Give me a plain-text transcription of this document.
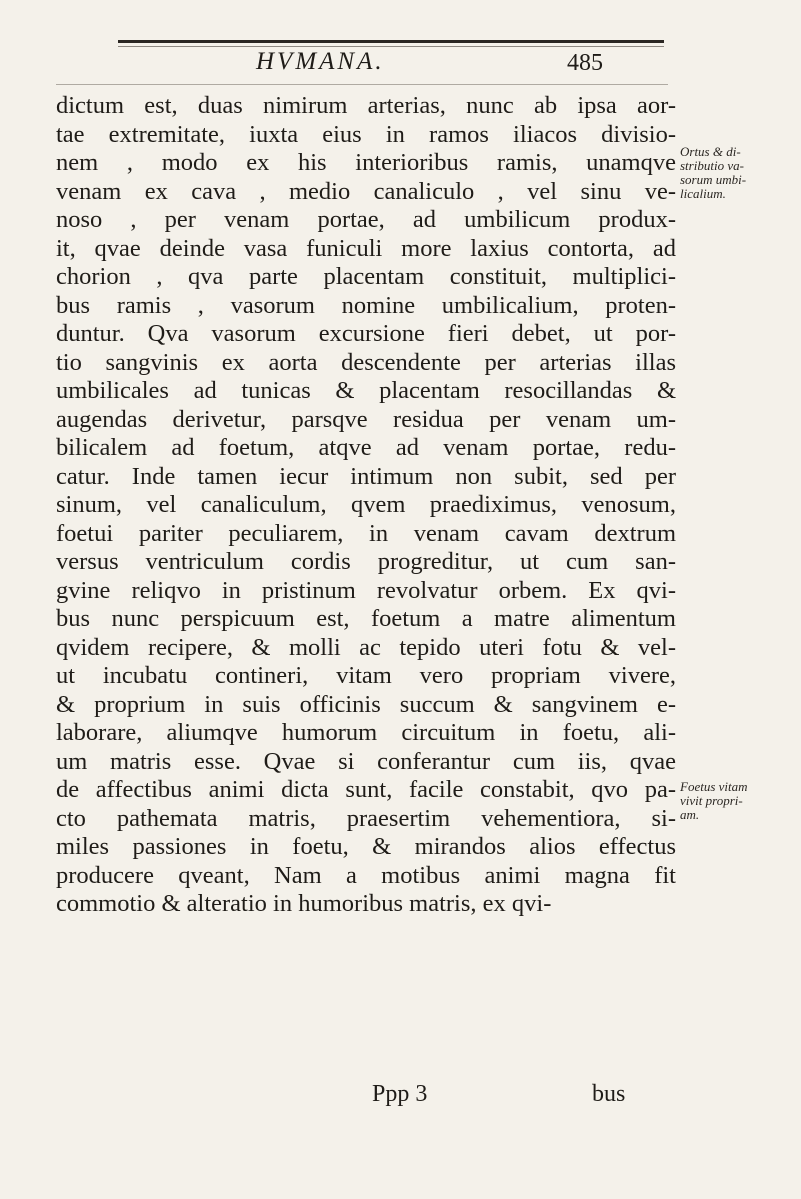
HVMANA.	485
dictum est, duas nimirum arterias, nunc ab ipsa aor-
tae extremitate, iuxta eius in ramos iliacos divisio-
nem , modo ex his interioribus ramis, unamqve
venam ex cava , medio canaliculo , vel sinu ve-
noso , per venam portae, ad umbilicum produx-
it, qvae deinde vasa funiculi more laxius contorta, ad
chorion , qva parte placentam constituit, multiplici-
bus ramis , vasorum nomine umbilicalium, proten-
duntur. Qva vasorum excursione fieri debet, ut por-
tio sangvinis ex aorta descendente per arterias illas
umbilicales ad tunicas & placentam resocillandas &
augendas derivetur, parsqve residua per venam um-
bilicalem ad foetum, atqve ad venam portae, redu-
catur. Inde tamen iecur intimum non subit, sed per
sinum, vel canaliculum, qvem praediximus, venosum,
foetui pariter peculiarem, in venam cavam dextrum
versus ventriculum cordis progreditur, ut cum san-
gvine reliqvo in pristinum revolvatur orbem. Ex qvi-
bus nunc perspicuum est, foetum a matre alimentum
qvidem recipere, & molli ac tepido uteri fotu & vel-
ut incubatu contineri, vitam vero propriam vivere,
& proprium in suis officinis succum & sangvinem e-
laborare, aliumqve humorum circuitum in foetu, ali-
um matris esse. Qvae si conferantur cum iis, qvae
de affectibus animi dicta sunt, facile constabit, qvo pa-
cto pathemata matris, praesertim vehementiora, si-
miles passiones in foetu, & mirandos alios effectus
producere qveant, Nam a motibus animi magna fit
commotio & alteratio in humoribus matris, ex qvi-
Ortus & di-
stributio va-
sorum umbi-
licalium.
Foetus vitam
vivit propri-
am.
Ppp 3	bus
